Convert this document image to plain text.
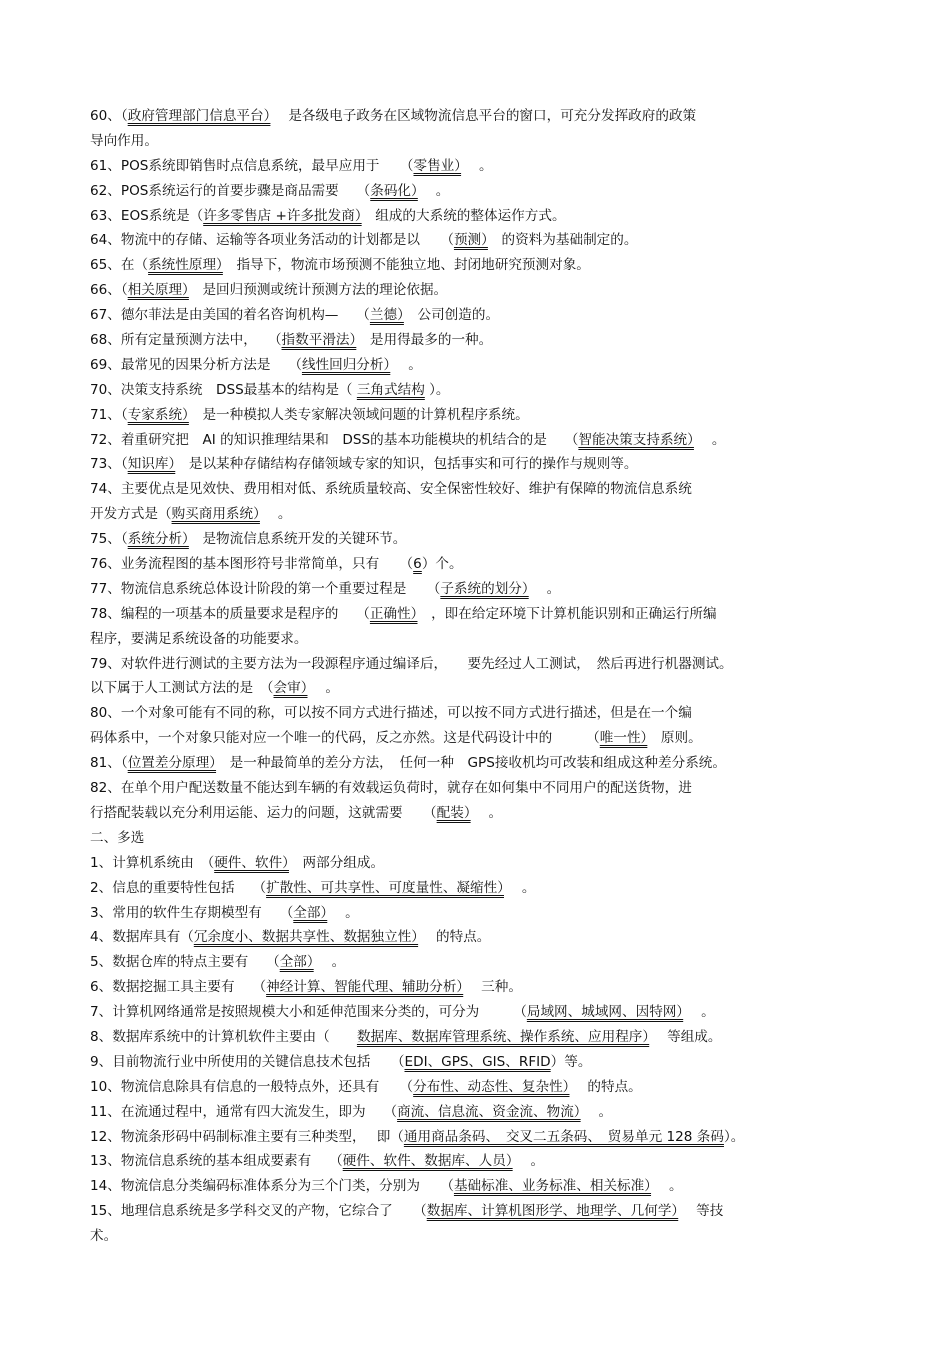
60、（政府管理部门信息平台）　 是各级电子政务在区域物流信息平台的窗口，可充分发挥政府的政策
导向作用。
61、POS系统即销售时点信息系统，最早应用于　　（零售业）　 。
62、POS系统运行的首要步骤是商品需要　 （条码化）　 。
63、EOS系统是（许多零售店 +许多批发商）　组成的大系统的整体运作方式。
64、物流中的存储、运输等各项业务活动的计划都是以　　（预测）　的资料为基础制定的。
65、在（系统性原理）　指导下，物流市场预测不能独立地、封闭地研究预测对象。
66、（相关原理）　是回归预测或统计预测方法的理论依据。
67、德尔菲法是由美国的着名咨询机构—　 （兰德）　公司创造的。
68、所有定量预测方法中，　 （指数平滑法）　是用得最多的一种。
69、最常见的因果分析方法是　 （线性回归分析）　 。
70、决策支持系统　DSS最基本的结构是（ 三角式结构 ）。
71、（专家系统）　是一种模拟人类专家解决领域问题的计算机程序系统。
72、着重研究把　AI 的知识推理结果和　DSS的基本功能模块的机结合的是　 （智能决策支持系统）　 。
73、（知识库）　是以某种存储结构存储领域专家的知识，包括事实和可行的操作与规则等。
74、主要优点是见效快、费用相对低、系统质量较高、安全保密性较好、维护有保障的物流信息系统
开发方式是（购买商用系统）　 。
75、（系统分析）　是物流信息系统开发的关键环节。
76、业务流程图的基本图形符号非常简单，只有　　（6）个。
77、物流信息系统总体设计阶段的第一个重要过程是　　（子系统的划分）　 。
78、编程的一项基本的质量要求是程序的　 （正确性）　，即在给定环境下计算机能识别和正确运行所编
程序，要满足系统设备的功能要求。
79、对软件进行测试的主要方法为一段源程序通过编译后，　　要先经过人工测试，　然后再进行机器测试。
以下属于人工测试方法的是　（会审）　 。
80、一个对象可能有不同的称，可以按不同方式进行描述，可以按不同方式进行描述，但是在一个编
码体系中，一个对象只能对应一个唯一的代码，反之亦然。这是代码设计中的　　　（唯一性）　原则。
81、（位置差分原理）　是一种最简单的差分方法，　任何一种　GPS接收机均可改装和组成这种差分系统。
82、在单个用户配送数量不能达到车辆的有效载运负荷时，就存在如何集中不同用户的配送货物，进
行搭配装载以充分利用运能、运力的问题，这就需要　　（配装）　 。
二、多选
1、计算机系统由　（硬件、软件）　两部分组成。
2、信息的重要特性包括　 （扩散性、可共享性、可度量性、凝缩性）　 。
3、常用的软件生存期模型有　 （全部）　 。
4、数据库具有（冗余度小、数据共享性、数据独立性）　 的特点。
5、数据仓库的特点主要有　 （全部）　 。
6、数据挖掘工具主要有　 （神经计算、智能代理、辅助分析）　 三种。
7、计算机网络通常是按照规模大小和延伸范围来分类的，可分为　　　（局域网、城域网、因特网）　 。
8、数据库系统中的计算机软件主要由（　　数据库、数据库管理系统、操作系统、应用程序）　 等组成。
9、目前物流行业中所使用的关键信息技术包括　　（EDI、GPS、GIS、RFID）等。
10、物流信息除具有信息的一般特点外，还具有　　（分布性、动态性、复杂性）　 的特点。
11、在流通过程中，通常有四大流发生，即为　 （商流、信息流、资金流、物流）　 。
12、物流条形码中码制标准主要有三种类型，　 即（通用商品条码、　交叉二五条码、　贸易单元 128 条码）。
13、物流信息系统的基本组成要素有　 （硬件、软件、数据库、人员）　 。
14、物流信息分类编码标准体系分为三个门类，分别为　　（基础标准、业务标准、相关标准）　 。
15、地理信息系统是多学科交叉的产物，它综合了　　（数据库、计算机图形学、地理学、几何学）　 等技
术。
